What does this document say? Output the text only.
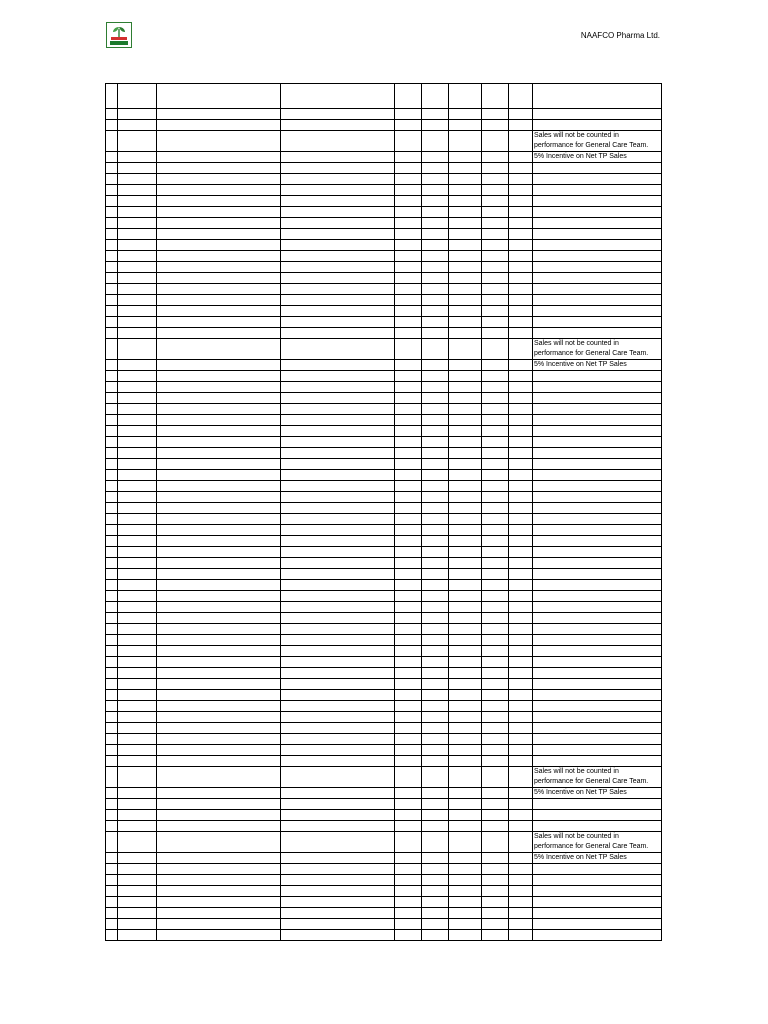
NAAFCO Pharma Ltd.

									Sales will not be counted in
performance for General Care Team.

									5% Incentive on Net TP Sales

									Sales will not be counted in
performance for General Care Team.

									5% Incentive on Net TP Sales

									Sales will not be counted in
performance for General Care Team.

									5% Incentive on Net TP Sales

									Sales will not be counted in
performance for General Care Team.

									5% Incentive on Net TP Sales
